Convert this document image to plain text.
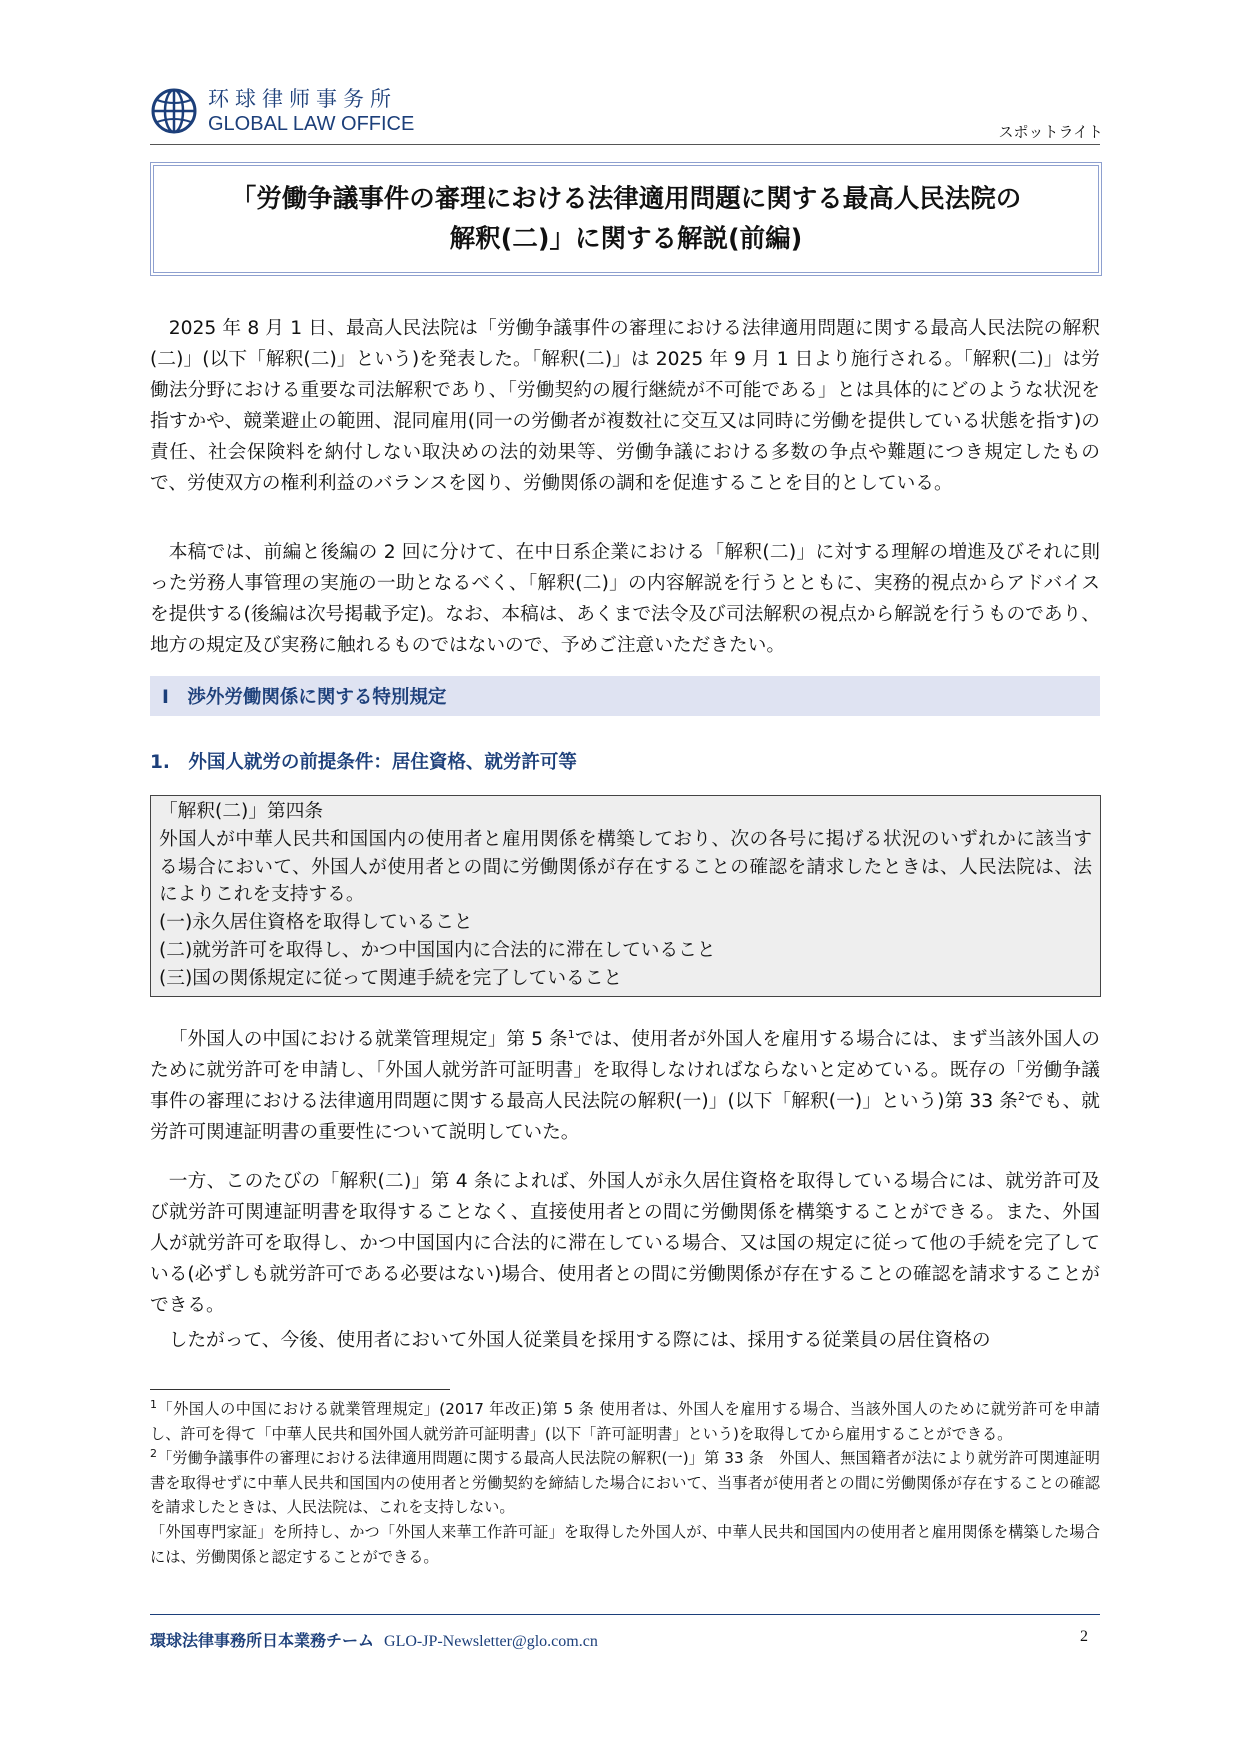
环球律师事务所
GLOBAL LAW OFFICE	スポットライト

「労働争議事件の審理における法律適用問題に関する最高人民法院の
解釈(二)」に関する解説(前編)

2025 年 8 月 1 日、最高人民法院は「労働争議事件の審理における法律適用問題に関する最高人民法院の解釈(二)」(以下「解釈(二)」という)を発表した。「解釈(二)」は 2025 年 9 月 1 日より施行される。「解釈(二)」は労働法分野における重要な司法解釈であり、「労働契約の履行継続が不可能である」とは具体的にどのような状況を指すかや、競業避止の範囲、混同雇用(同一の労働者が複数社に交互又は同時に労働を提供している状態を指す)の責任、社会保険料を納付しない取決めの法的効果等、労働争議における多数の争点や難題につき規定したもので、労使双方の権利利益のバランスを図り、労働関係の調和を促進することを目的としている。

本稿では、前編と後編の 2 回に分けて、在中日系企業における「解釈(二)」に対する理解の増進及びそれに則った労務人事管理の実施の一助となるべく、「解釈(二)」の内容解説を行うとともに、実務的視点からアドバイスを提供する(後編は次号掲載予定)。なお、本稿は、あくまで法令及び司法解釈の視点から解説を行うものであり、地方の規定及び実務に触れるものではないので、予めご注意いただきたい。

I　渉外労働関係に関する特別規定

1.　外国人就労の前提条件：居住資格、就労許可等

「解釈(二)」第四条

外国人が中華人民共和国国内の使用者と雇用関係を構築しており、次の各号に掲げる状況のいずれかに該当する場合において、外国人が使用者との間に労働関係が存在することの確認を請求したときは、人民法院は、法によりこれを支持する。

(一)永久居住資格を取得していること

(二)就労許可を取得し、かつ中国国内に合法的に滞在していること

(三)国の関係規定に従って関連手続を完了していること

「外国人の中国における就業管理規定」第 5 条$^1$では、使用者が外国人を雇用する場合には、まず当該外国人のために就労許可を申請し、「外国人就労許可証明書」を取得しなければならないと定めている。既存の「労働争議事件の審理における法律適用問題に関する最高人民法院の解釈(一)」(以下「解釈(一)」という)第 33 条$^2$でも、就労許可関連証明書の重要性について説明していた。

一方、このたびの「解釈(二)」第 4 条によれば、外国人が永久居住資格を取得している場合には、就労許可及び就労許可関連証明書を取得することなく、直接使用者との間に労働関係を構築することができる。また、外国人が就労許可を取得し、かつ中国国内に合法的に滞在している場合、又は国の規定に従って他の手続を完了している(必ずしも就労許可である必要はない)場合、使用者との間に労働関係が存在することの確認を請求することができる。

したがって、今後、使用者において外国人従業員を採用する際には、採用する従業員の居住資格の

$^1$「外国人の中国における就業管理規定」(2017 年改正)第 5 条 使用者は、外国人を雇用する場合、当該外国人のために就労許可を申請し、許可を得て「中華人民共和国外国人就労許可証明書」(以下「許可証明書」という)を取得してから雇用することができる。

$^2$「労働争議事件の審理における法律適用問題に関する最高人民法院の解釈(一)」第 33 条　外国人、無国籍者が法により就労許可関連証明書を取得せずに中華人民共和国国内の使用者と労働契約を締結した場合において、当事者が使用者との間に労働関係が存在することの確認を請求したときは、人民法院は、これを支持しない。

「外国専門家証」を所持し、かつ「外国人来華工作許可証」を取得した外国人が、中華人民共和国国内の使用者と雇用関係を構築した場合には、労働関係と認定することができる。

環球法律事務所日本業務チーム GLO-JP-Newsletter@glo.com.cn	2
